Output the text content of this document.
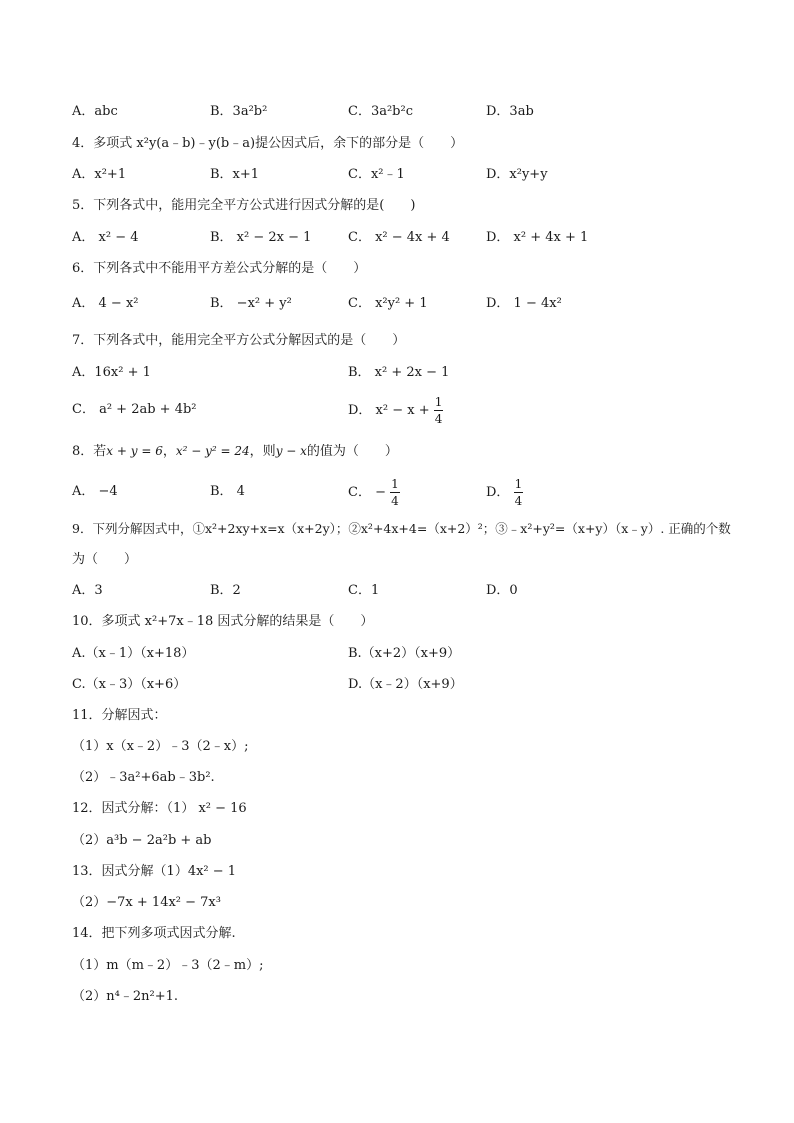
A．abc	B．3a²b²	C．3a²b²c	D．3ab
4．多项式 x²y(a﹣b)﹣y(b﹣a)提公因式后，余下的部分是（　　）
A．x²+1	B．x+1	C．x²﹣1	D．x²y+y
5．下列各式中，能用完全平方公式进行因式分解的是(　　)
A． x² − 4	B． x² − 2x − 1	C． x² − 4x + 4	D． x² + 4x + 1
6．下列各式中不能用平方差公式分解的是（　　）
A． 4 − x²	B． −x² + y²	C． x²y² + 1	D． 1 − 4x²
7．下列各式中，能用完全平方公式分解因式的是（　　）
A．16x² + 1	B． x² + 2x − 1
C． a² + 2ab + 4b²	D． $x^2 - x + \frac{1}{4}$
8．若x + y = 6，x² − y² = 24，则y − x的值为（　　）
A． −4	B． 4	C． − $\frac{1}{4}$	D． $\frac{1}{4}$
9．下列分解因式中，①x²+2xy+x=x（x+2y）；②x²+4x+4=（x+2）²；③﹣x²+y²=（x+y）（x﹣y）. 正确的个数
为（　　）
A．3	B．2	C．1	D．0
10．多项式 x²+7x﹣18 因式分解的结果是（　　）
A.（x﹣1）（x+18）	B.（x+2）（x+9）
C.（x﹣3）（x+6）	D.（x﹣2）（x+9）
11．分解因式：
（1）x（x﹣2）﹣3（2﹣x）;
（2）﹣3a²+6ab﹣3b².
12．因式分解：（1） x² − 16
（2）a³b − 2a²b + ab
13．因式分解（1）4x² − 1
（2）−7x + 14x² − 7x³
14．把下列多项式因式分解.
（1）m（m﹣2）﹣3（2﹣m）;
（2）n⁴﹣2n²+1.
